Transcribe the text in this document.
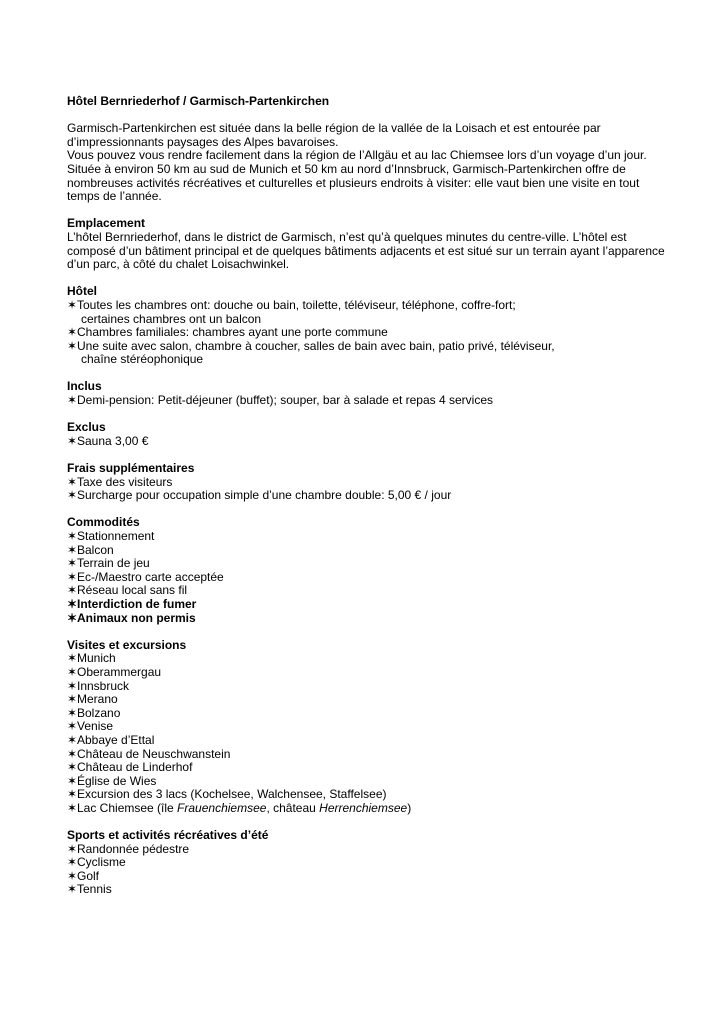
Hôtel Bernriederhof / Garmisch-Partenkirchen

Garmisch-Partenkirchen est située dans la belle région de la vallée de la Loisach et est entourée par

d’impressionnants paysages des Alpes bavaroises.

Vous pouvez vous rendre facilement dans la région de l’Allgäu et au lac Chiemsee lors d’un voyage d’un jour.

Située à environ 50 km au sud de Munich et 50 km au nord d’Innsbruck, Garmisch-Partenkirchen offre de

nombreuses activités récréatives et culturelles et plusieurs endroits à visiter: elle vaut bien une visite en tout

temps de l’année.

Emplacement

L’hôtel Bernriederhof, dans le district de Garmisch, n’est qu’à quelques minutes du centre-ville. L’hôtel est

composé d’un bâtiment principal et de quelques bâtiments adjacents et est situé sur un terrain ayant l’apparence

d’un parc, à côté du chalet Loisachwinkel.

Hôtel

✶ Toutes les chambres ont: douche ou bain, toilette, téléviseur, téléphone, coffre-fort;

certaines chambres ont un balcon

✶ Chambres familiales: chambres ayant une porte commune
✶ Une suite avec salon, chambre à coucher, salles de bain avec bain, patio privé, téléviseur,

chaîne stéréophonique

Inclus

✶ Demi-pension: Petit-déjeuner (buffet); souper, bar à salade et repas 4 services

Exclus

✶ Sauna 3,00 €

Frais supplémentaires

✶ Taxe des visiteurs
✶ Surcharge pour occupation simple d’une chambre double: 5,00 € / jour

Commodités

✶ Stationnement
✶ Balcon
✶ Terrain de jeu
✶ Ec-/Maestro carte acceptée
✶ Réseau local sans fil
✶ Interdiction de fumer
✶ Animaux non permis

Visites et excursions

✶ Munich
✶ Oberammergau
✶ Innsbruck
✶ Merano
✶ Bolzano
✶ Venise
✶ Abbaye d’Ettal
✶ Château de Neuschwanstein
✶ Château de Linderhof
✶ Église de Wies
✶ Excursion des 3 lacs (Kochelsee, Walchensee, Staffelsee)
✶ Lac Chiemsee (île Frauenchiemsee, château Herrenchiemsee)

Sports et activités récréatives d’été

✶ Randonnée pédestre
✶ Cyclisme
✶ Golf
✶ Tennis
